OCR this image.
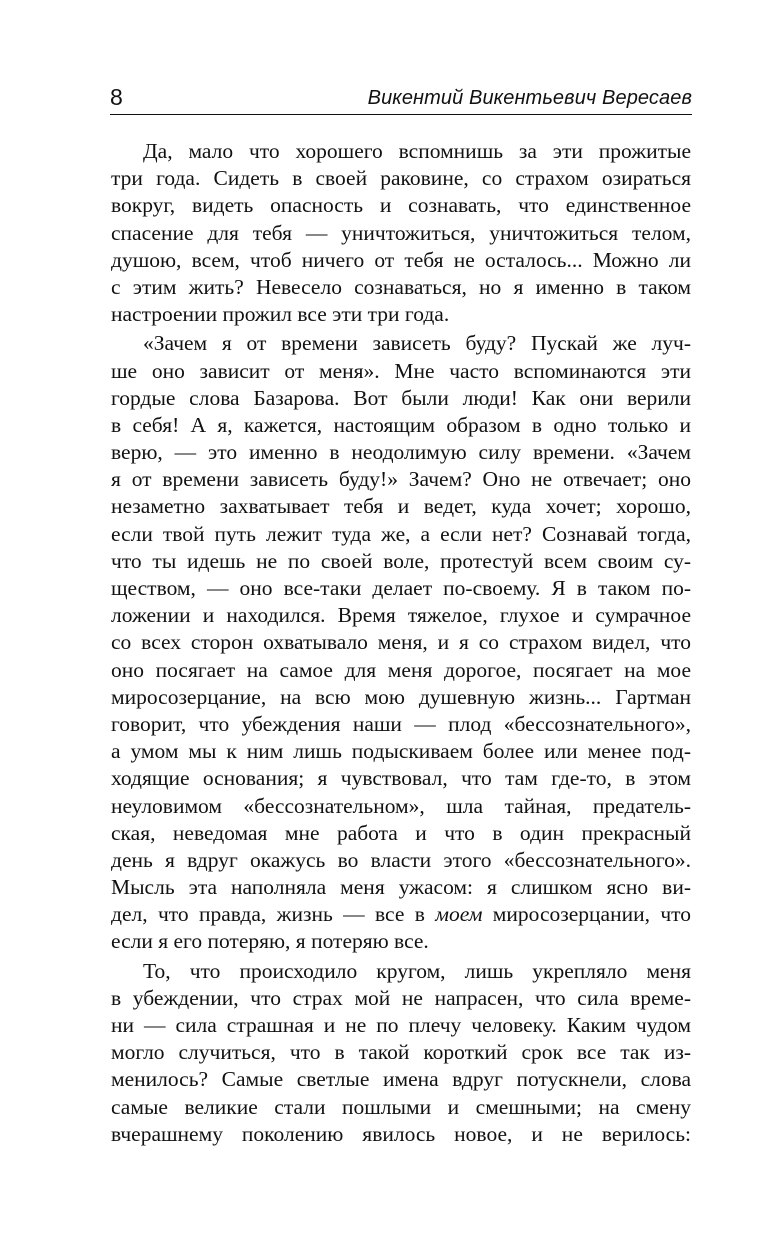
8	Викентий Викентьевич Вересаев
Да, мало что хорошего вспомнишь за эти прожитые
три года. Сидеть в своей раковине, со страхом озираться
вокруг, видеть опасность и сознавать, что единственное
спасение для тебя — уничтожиться, уничтожиться телом,
душою, всем, чтоб ничего от тебя не осталось... Можно ли
с этим жить? Невесело сознаваться, но я именно в таком
настроении прожил все эти три года.
«Зачем я от времени зависеть буду? Пускай же луч-
ше оно зависит от меня». Мне часто вспоминаются эти
гордые слова Базарова. Вот были люди! Как они верили
в себя! А я, кажется, настоящим образом в одно только и
верю, — это именно в неодолимую силу времени. «Зачем
я от времени зависеть буду!» Зачем? Оно не отвечает; оно
незаметно захватывает тебя и ведет, куда хочет; хорошо,
если твой путь лежит туда же, а если нет? Сознавай тогда,
что ты идешь не по своей воле, протестуй всем своим су-
ществом, — оно все-таки делает по-своему. Я в таком по-
ложении и находился. Время тяжелое, глухое и сумрачное
со всех сторон охватывало меня, и я со страхом видел, что
оно посягает на самое для меня дорогое, посягает на мое
миросозерцание, на всю мою душевную жизнь... Гартман
говорит, что убеждения наши — плод «бессознательного»,
а умом мы к ним лишь подыскиваем более или менее под-
ходящие основания; я чувствовал, что там где-то, в этом
неуловимом «бессознательном», шла тайная, предатель-
ская, неведомая мне работа и что в один прекрасный
день я вдруг окажусь во власти этого «бессознательного».
Мысль эта наполняла меня ужасом: я слишком ясно ви-
дел, что правда, жизнь — все в моем миросозерцании, что
если я его потеряю, я потеряю все.
То, что происходило кругом, лишь укрепляло меня
в убеждении, что страх мой не напрасен, что сила време-
ни — сила страшная и не по плечу человеку. Каким чудом
могло случиться, что в такой короткий срок все так из-
менилось? Самые светлые имена вдруг потускнели, слова
самые великие стали пошлыми и смешными; на смену
вчерашнему поколению явилось новое, и не верилось:
